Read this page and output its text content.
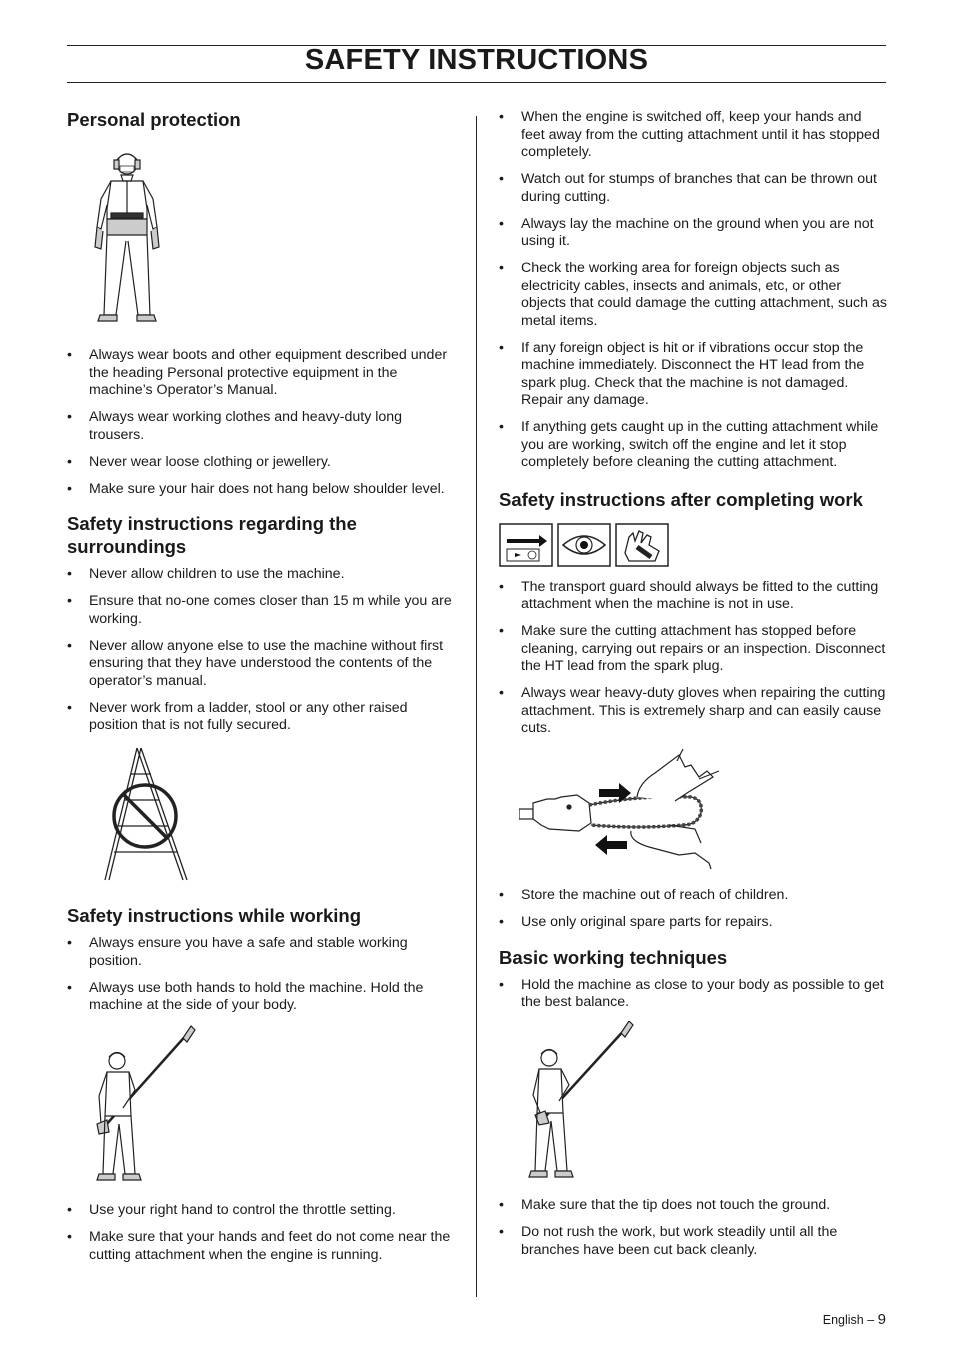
SAFETY INSTRUCTIONS
Personal protection
• Always wear boots and other equipment described under the heading Personal protective equipment in the machine’s Operator’s Manual.
• Always wear working clothes and heavy-duty long trousers.
• Never wear loose clothing or jewellery.
• Make sure your hair does not hang below shoulder level.
Safety instructions regarding the surroundings
• Never allow children to use the machine.
• Ensure that no-one comes closer than 15 m while you are working.
• Never allow anyone else to use the machine without first ensuring that they have understood the contents of the operator’s manual.
• Never work from a ladder, stool or any other raised position that is not fully secured.
Safety instructions while working
• Always ensure you have a safe and stable working position.
• Always use both hands to hold the machine. Hold the machine at the side of your body.
• Use your right hand to control the throttle setting.
• Make sure that your hands and feet do not come near the cutting attachment when the engine is running.
• When the engine is switched off, keep your hands and feet away from the cutting attachment until it has stopped completely.
• Watch out for stumps of branches that can be thrown out during cutting.
• Always lay the machine on the ground when you are not using it.
• Check the working area for foreign objects such as electricity cables, insects and animals, etc, or other objects that could damage the cutting attachment, such as metal items.
• If any foreign object is hit or if vibrations occur stop the machine immediately. Disconnect the HT lead from the spark plug. Check that the machine is not damaged. Repair any damage.
• If anything gets caught up in the cutting attachment while you are working, switch off the engine and let it stop completely before cleaning the cutting attachment.
Safety instructions after completing work
• The transport guard should always be fitted to the cutting attachment when the machine is not in use.
• Make sure the cutting attachment has stopped before cleaning, carrying out repairs or an inspection. Disconnect the HT lead from the spark plug.
• Always wear heavy-duty gloves when repairing the cutting attachment. This is extremely sharp and can easily cause cuts.
• Store the machine out of reach of children.
• Use only original spare parts for repairs.
Basic working techniques
• Hold the machine as close to your body as possible to get the best balance.
• Make sure that the tip does not touch the ground.
• Do not rush the work, but work steadily until all the branches have been cut back cleanly.
English – 9
